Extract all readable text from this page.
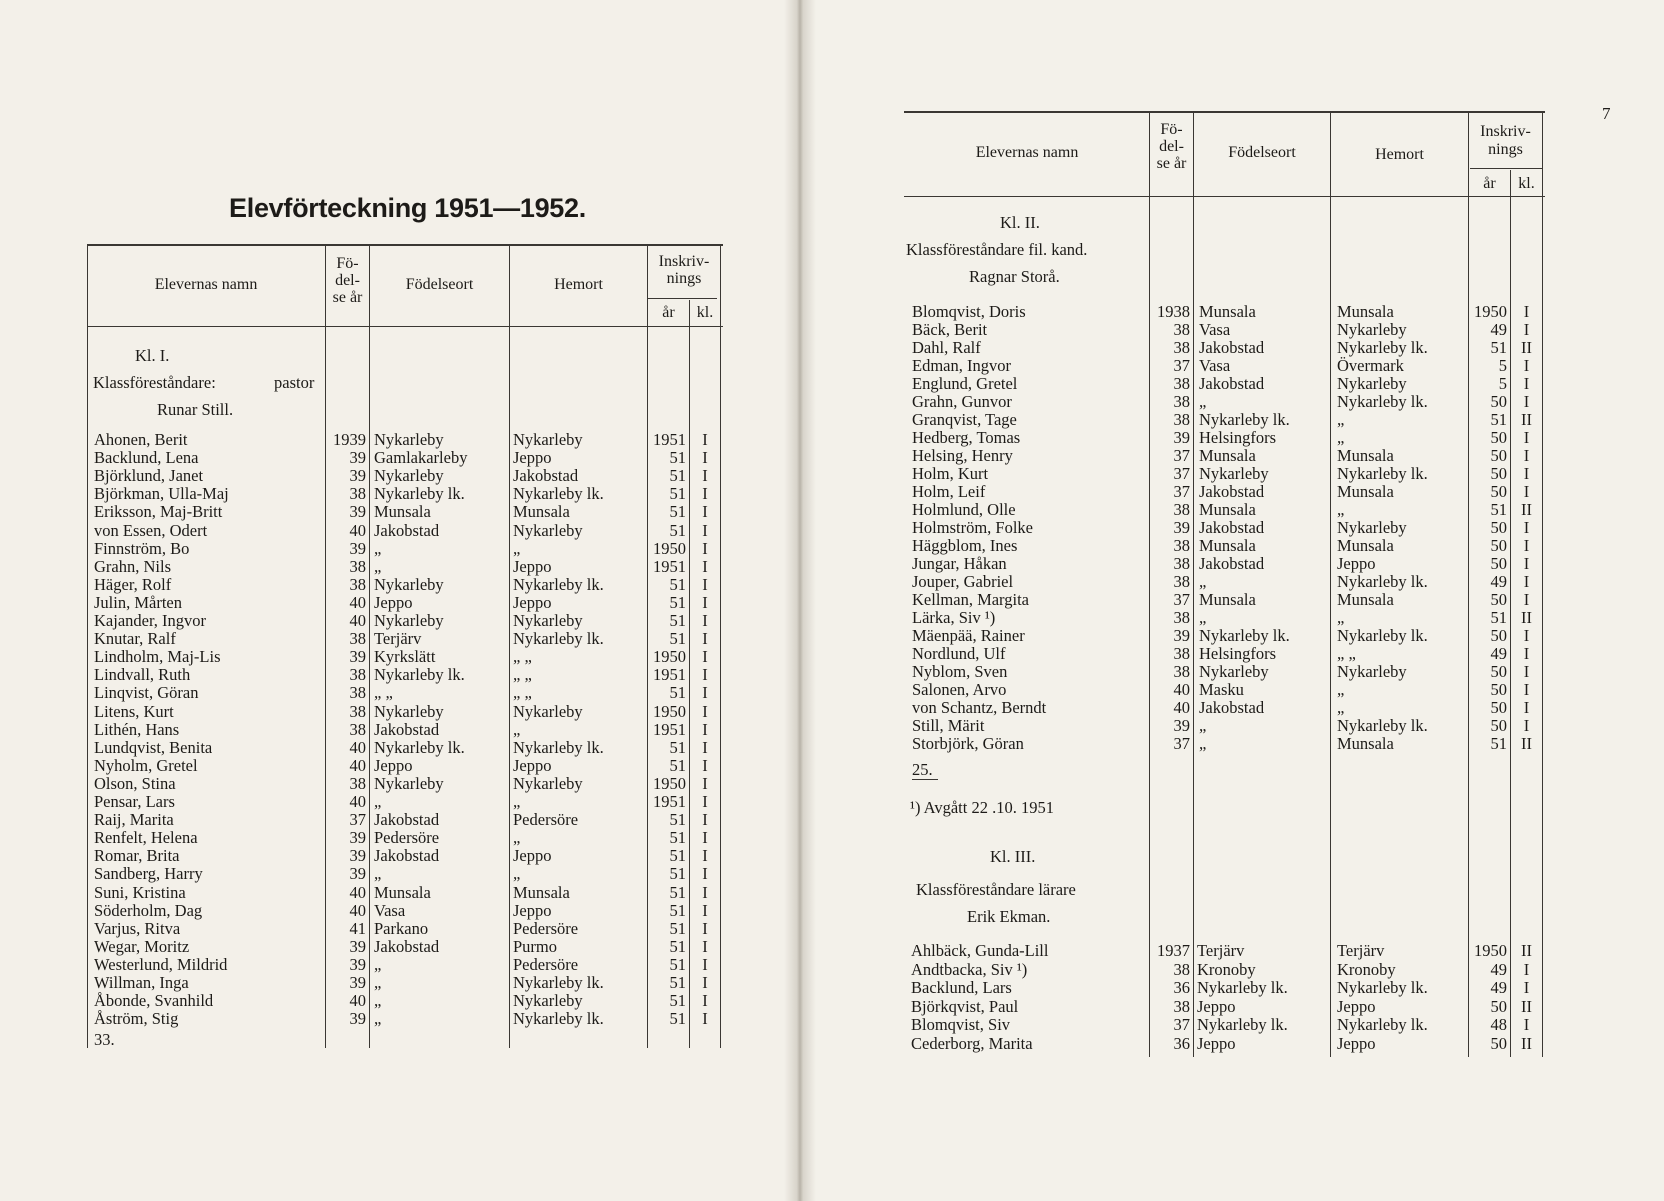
7
Elevförteckning 1951—1952.
Elevernas namn
Fö-
del-
se år
Födelseort	Hemort
Inskriv-
nings
år	kl.
Kl. I.
Klassföreståndare:	pastor
Runar Still.
Ahonen, Berit	1939 Nykarleby	Nykarleby	1951 I
Backlund, Lena	39 Gamlakarleby	Jeppo	51 I
Björklund, Janet	39 Nykarleby	Jakobstad	51 I
Björkman, Ulla-Maj	38 Nykarleby lk.	Nykarleby lk.	51 I
Eriksson, Maj-Britt	39 Munsala	Munsala	51 I
von Essen, Odert	40 Jakobstad	Nykarleby	51 I
Finnström, Bo	39 „	„	1950 I
Grahn, Nils	38 „	Jeppo	1951 I
Häger, Rolf	38 Nykarleby	Nykarleby lk.	51 I
Julin, Mårten	40 Jeppo	Jeppo	51 I
Kajander, Ingvor	40 Nykarleby	Nykarleby	51 I
Knutar, Ralf	38 Terjärv	Nykarleby lk.	51 I
Lindholm, Maj-Lis	39 Kyrkslätt	„ „	1950 I
Lindvall, Ruth	38 Nykarleby lk.	„ „	1951 I
Linqvist, Göran	38 „ „	„ „	51 I
Litens, Kurt	38 Nykarleby	Nykarleby	1950 I
Lithén, Hans	38 Jakobstad	„	1951 I
Lundqvist, Benita	40 Nykarleby lk.	Nykarleby lk.	51 I
Nyholm, Gretel	40 Jeppo	Jeppo	51 I
Olson, Stina	38 Nykarleby	Nykarleby	1950 I
Pensar, Lars	40 „	„	1951 I
Raij, Marita	37 Jakobstad	Pedersöre	51 I
Renfelt, Helena	39 Pedersöre	„	51 I
Romar, Brita	39 Jakobstad	Jeppo	51 I
Sandberg, Harry	39 „	„	51 I
Suni, Kristina	40 Munsala	Munsala	51 I
Söderholm, Dag	40 Vasa	Jeppo	51 I
Varjus, Ritva	41 Parkano	Pedersöre	51 I
Wegar, Moritz	39 Jakobstad	Purmo	51 I
Westerlund, Mildrid	39 „	Pedersöre	51 I
Willman, Inga	39 „	Nykarleby lk.	51 I
Åbonde, Svanhild	40 „	Nykarleby	51 I
Åström, Stig	39 „	Nykarleby lk.	51 I
33.
Elevernas namn
Fö-
del-
se år
Födelseort	Hemort
Inskriv-
nings
år	kl.
Kl. II.
Klassföreståndare fil. kand.
Ragnar Storå.
Blomqvist, Doris	1938 Munsala	Munsala	1950	I
Bäck, Berit	38 Vasa	Nykarleby	49	I
Dahl, Ralf	38 Jakobstad	Nykarleby lk.	51 II
Edman, Ingvor	37 Vasa	Övermark	5	I
Englund, Gretel	38 Jakobstad	Nykarleby	5	I
Grahn, Gunvor	38 „	Nykarleby lk.	50	I
Granqvist, Tage	38 Nykarleby lk.	„	51 II
Hedberg, Tomas	39 Helsingfors	„	50	I
Helsing, Henry	37 Munsala	Munsala	50	I
Holm, Kurt	37 Nykarleby	Nykarleby lk.	50	I
Holm, Leif	37 Jakobstad	Munsala	50	I
Holmlund, Olle	38 Munsala	„	51 II
Holmström, Folke	39 Jakobstad	Nykarleby	50	I
Häggblom, Ines	38 Munsala	Munsala	50	I
Jungar, Håkan	38 Jakobstad	Jeppo	50	I
Jouper, Gabriel	38 „	Nykarleby lk.	49	I
Kellman, Margita	37 Munsala	Munsala	50	I
Lärka, Siv ¹)	38 „	„	51 II
Mäenpää, Rainer	39 Nykarleby lk.	Nykarleby lk.	50	I
Nordlund, Ulf	38 Helsingfors	„ „	49	I
Nyblom, Sven	38 Nykarleby	Nykarleby	50	I
Salonen, Arvo	40 Masku	„	50	I
von Schantz, Berndt	40 Jakobstad	„	50	I
Still, Märit	39 „	Nykarleby lk.	50	I
Storbjörk, Göran	37 „	Munsala	51 II
25.
¹) Avgått 22 .10. 1951
Kl. III.
Klassföreståndare lärare
Erik Ekman.
Ahlbäck, Gunda-Lill	1937 Terjärv	Terjärv	1950 II
Andtbacka, Siv ¹)	38 Kronoby	Kronoby	49	I
Backlund, Lars	36 Nykarleby lk.	Nykarleby lk.	49	I
Björkqvist, Paul	38 Jeppo	Jeppo	50 II
Blomqvist, Siv	37 Nykarleby lk.	Nykarleby lk.	48	I
Cederborg, Marita	36 Jeppo	Jeppo	50 II
